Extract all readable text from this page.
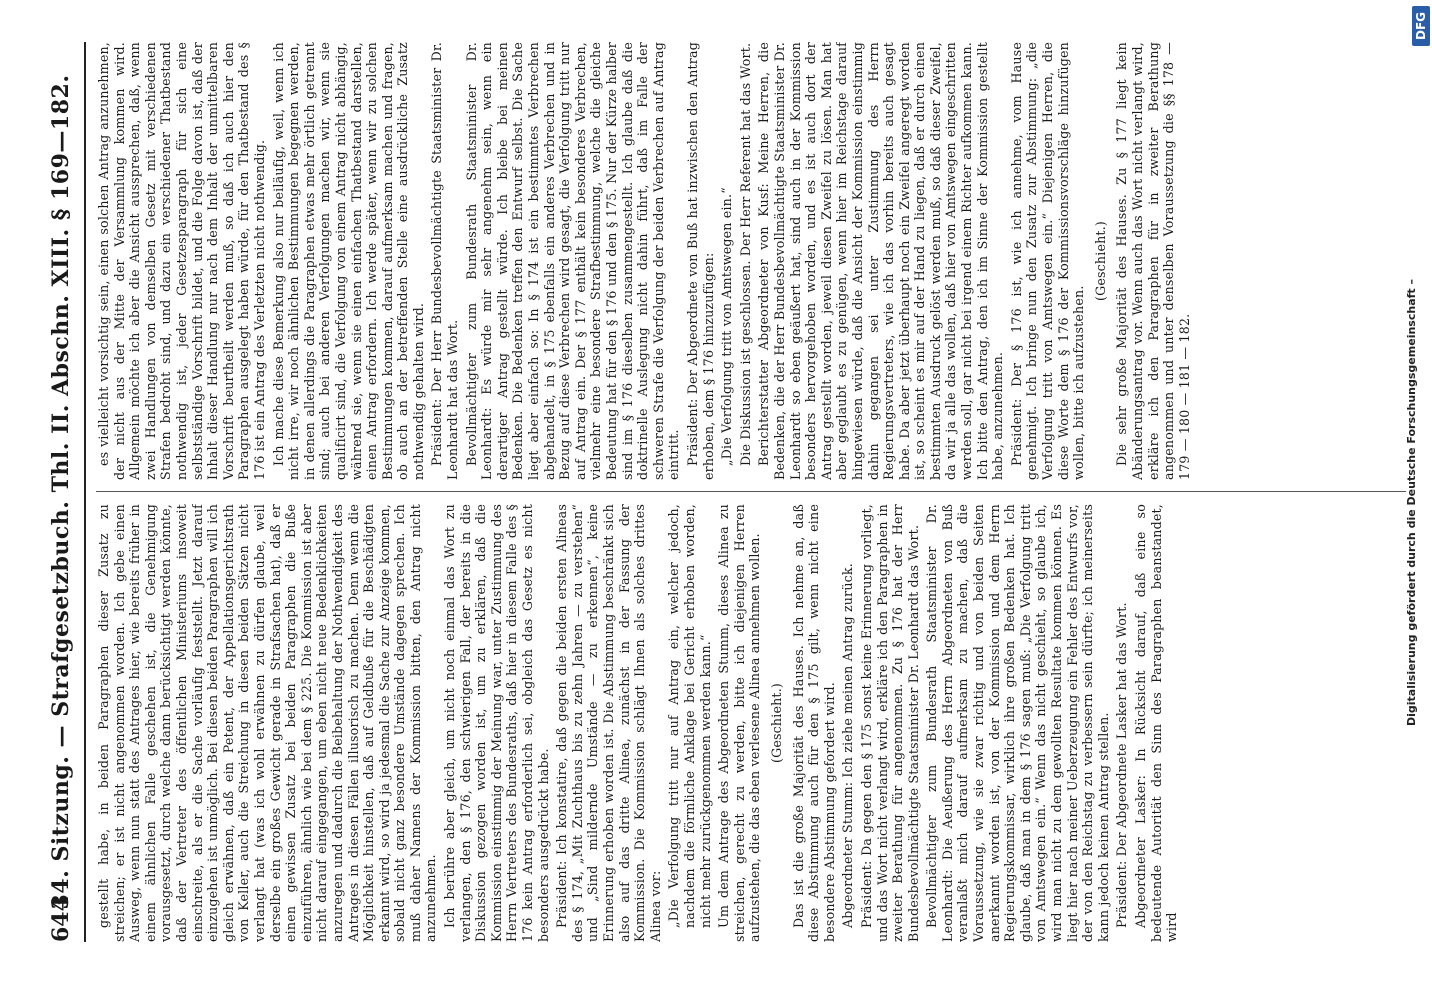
644
34. Sitzung. — Strafgesetzbuch. Thl. II. Abschn. XIII. § 169—182. gestellt habe, in beiden Paragraphen dieser Zusatz zu streichen; er ist nicht angenommen worden. Ich gebe einen Ausweg, wenn nun statt des Antrages hier, wie bereits früher in einem ähnlichen Falle geschehen ist, die Genehmigung vorausgesetzt, durch welche dann berücksichtigt werden könnte, daß der Vertreter des öffentlichen Ministeriums insoweit einschreite, als er die Sache vorläufig feststellt. Jetzt darauf einzugehen ist unmöglich. Bei diesen beiden Paragraphen will ich gleich erwähnen, daß ein Petent, der Appellationsgerichtsrath von Keller, auch die Streichung in diesen beiden Sätzen nicht verlangt hat (was ich wohl erwähnen zu dürfen glaube, weil derselbe ein großes Gewicht gerade in Strafsachen hat), daß er einen gewissen Zusatz bei beiden Paragraphen die Buße einzuführen, ähnlich wie bei dem § 225. Die Kommission ist aber nicht darauf eingegangen, um eben nicht neue Bedenklichkeiten anzuregen und dadurch die Beibehaltung der Nothwendigkeit des Antrages in diesen Fällen illusorisch zu machen. Denn wenn die Möglichkeit hinstellen, daß auf Geldbuße für die Beschädigten erkannt wird, so wird ja jedesmal die Sache zur Anzeige kommen, sobald nicht ganz besondere Umstände dagegen sprechen. Ich muß daher Namens der Kommission bitten, den Antrag nicht anzunehmen. Ich berühre aber gleich, um nicht noch einmal das Wort zu verlangen, den § 176, den schwierigen Fall, der bereits in die Diskussion gezogen worden ist, um zu erklären, daß die Kommission einstimmig der Meinung war, unter Zustimmung des Herrn Vertreters des Bundesraths, daß hier in diesem Falle des § 176 kein Antrag erforderlich sei, obgleich das Gesetz es nicht besonders ausgedrückt habe. Präsident: Ich konstatire, daß gegen die beiden ersten Alineas des § 174, „Mit Zuchthaus bis zu zehn Jahren — zu verstehen“ und „Sind mildernde Umstände — zu erkennen“, keine Erinnerung erhoben worden ist. Die Abstimmung beschränkt sich also auf das dritte Alinea, zunächst in der Fassung der Kommission. Die Kommission schlägt Ihnen als solches drittes Alinea vor: „Die Verfolgung tritt nur auf Antrag ein, welcher jedoch, nachdem die förmliche Anklage bei Gericht erhoben worden, nicht mehr zurückgenommen werden kann.“ Um dem Antrage des Abgeordneten Stumm, dieses Alinea zu streichen, gerecht zu werden, bitte ich diejenigen Herren aufzustehen, die das eben verlesene Alinea annehmen wollen. (Geschieht.) Das ist die große Majorität des Hauses. Ich nehme an, daß diese Abstimmung auch für den § 175 gilt, wenn nicht eine besondere Abstimmung gefordert wird. Abgeordneter Stumm: Ich ziehe meinen Antrag zurück. Präsident: Da gegen den § 175 sonst keine Erinnerung vorliegt, und das Wort nicht verlangt wird, erkläre ich den Paragraphen in zweiter Berathung für angenommen. Zu § 176 hat der Herr Bundesbevollmächtigte Staatsminister Dr. Leonhardt das Wort. Bevollmächtigter zum Bundesrath Staatsminister Dr. Leonhardt: Die Aeußerung des Herrn Abgeordneten von Buß veranlaßt mich darauf aufmerksam zu machen, daß die Voraussetzung, wie sie zwar richtig und von beiden Seiten anerkannt worden ist, von der Kommission und dem Herrn Regierungskommissar, wirklich ihre großen Bedenken hat. Ich glaube, daß man in dem § 176 sagen muß: „Die Verfolgung tritt von Amtswegen ein.“ Wenn das nicht geschieht, so glaube ich, wird man nicht zu dem gewollten Resultate kommen können. Es liegt hier nach meiner Ueberzeugung ein Fehler des Entwurfs vor, der von den Reichstag zu verbessern sein dürfte; ich meinerseits kann jedoch keinen Antrag stellen. Präsident: Der Abgeordnete Lasker hat das Wort. Abgeordneter Lasker: In Rücksicht darauf, daß eine so bedeutende Autorität den Sinn des Paragraphen beanstandet, wird

es vielleicht vorsichtig sein, einen solchen Antrag anzunehmen, der nicht aus der Mitte der Versammlung kommen wird. Allgemein möchte ich aber die Ansicht aussprechen, daß, wenn zwei Handlungen von demselben Gesetz mit verschiedenen Strafen bedroht sind, und dazu ein verschiedener Thatbestand nothwendig ist, jeder Gesetzesparagraph für sich eine selbstständige Vorschrift bildet, und die Folge davon ist, daß der Inhalt dieser Handlung nur nach dem Inhalt der unmittelbaren Vorschrift beurtheilt werden muß, so daß ich auch hier den Paragraphen ausgelegt haben würde, für den Thatbestand des § 176 ist ein Antrag des Verletzten nicht nothwendig. Ich mache diese Bemerkung also nur beiläufig, weil, wenn ich nicht irre, wir noch ähnlichen Bestimmungen begegnen werden, in denen allerdings die Paragraphen etwas mehr örtlich getrennt sind; auch bei anderen Verfolgungen machen wir, wenn sie qualificirt sind, die Verfolgung von einem Antrag nicht abhängig, während sie, wenn sie einen einfachen Thatbestand darstellen, einen Antrag erfordern. Ich werde später, wenn wir zu solchen Bestimmungen kommen, darauf aufmerksam machen und fragen, ob auch an der betreffenden Stelle eine ausdrückliche Zusatz nothwendig gehalten wird. Präsident: Der Herr Bundesbevollmächtigte Staatsminister Dr. Leonhardt hat das Wort. Bevollmächtigter zum Bundesrath Staatsminister Dr. Leonhardt: Es würde mir sehr angenehm sein, wenn ein derartiger Antrag gestellt würde. Ich bleibe bei meinen Bedenken. Die Bedenken treffen den Entwurf selbst. Die Sache liegt aber einfach so: In § 174 ist ein bestimmtes Verbrechen abgehandelt, in § 175 ebenfalls ein anderes Verbrechen und in Bezug auf diese Verbrechen wird gesagt, die Verfolgung tritt nur auf Antrag ein. Der § 177 enthält kein besonderes Verbrechen, vielmehr eine besondere Strafbestimmung, welche die gleiche Bedeutung hat für den § 176 und den § 175. Nur der Kürze halber sind im § 176 dieselben zusammengestellt. Ich glaube daß die doktrinelle Auslegung nicht dahin führt, daß im Falle der schweren Strafe die Verfolgung der beiden Verbrechen auf Antrag eintritt. Präsident: Der Abgeordnete von Buß hat inzwischen den Antrag erhoben, dem § 176 hinzuzufügen: „Die Verfolgung tritt von Amtswegen ein.“ Die Diskussion ist geschlossen. Der Herr Referent hat das Wort. Berichterstatter Abgeordneter von Kusf: Meine Herren, die Bedenken, die der Herr Bundesbevollmächtigte Staatsminister Dr. Leonhardt so eben geäußert hat, sind auch in der Kommission besonders hervorgehoben worden, und es ist auch dort der Antrag gestellt worden, jeweil diesen Zweifel zu lösen. Man hat aber geglaubt es zu genügen, wenn hier im Reichstage darauf hingewiesen würde, daß die Ansicht der Kommission einstimmig dahin gegangen sei unter Zustimmung des Herrn Regierungsvertreters, wie ich das vorhin bereits auch gesagt habe. Da aber jetzt überhaupt noch ein Zweifel angeregt worden ist, so scheint es mir auf der Hand zu liegen, daß er durch einen bestimmten Ausdruck gelöst werden muß, so daß dieser Zweifel, da wir ja alle das wollen, daß hier von Amtswegen eingeschritten werden soll, gar nicht bei irgend einem Richter aufkommen kann. Ich bitte den Antrag, den ich im Sinne der Kommission gestellt habe, anzunehmen. Präsident: Der § 176 ist, wie ich annehme, vom Hause genehmigt. Ich bringe nun den Zusatz zur Abstimmung: „die Verfolgung tritt von Amtswegen ein.“ Diejenigen Herren, die diese Worte dem § 176 der Kommissionsvorschläge hinzufügen wollen, bitte ich aufzustehen.

(Geschieht.) Die sehr große Majorität des Hauses. Zu § 177 liegt kein Abänderungsantrag vor. Wenn auch das Wort nicht verlangt wird, erkläre ich den Paragraphen für in zweiter Berathung angenommen und unter denselben Voraussetzung die §§ 178 — 179 — 180 — 181 — 182.	Digitalisierung gefördert durch die Deutsche Forschungsgemeinschaft –
DFG
